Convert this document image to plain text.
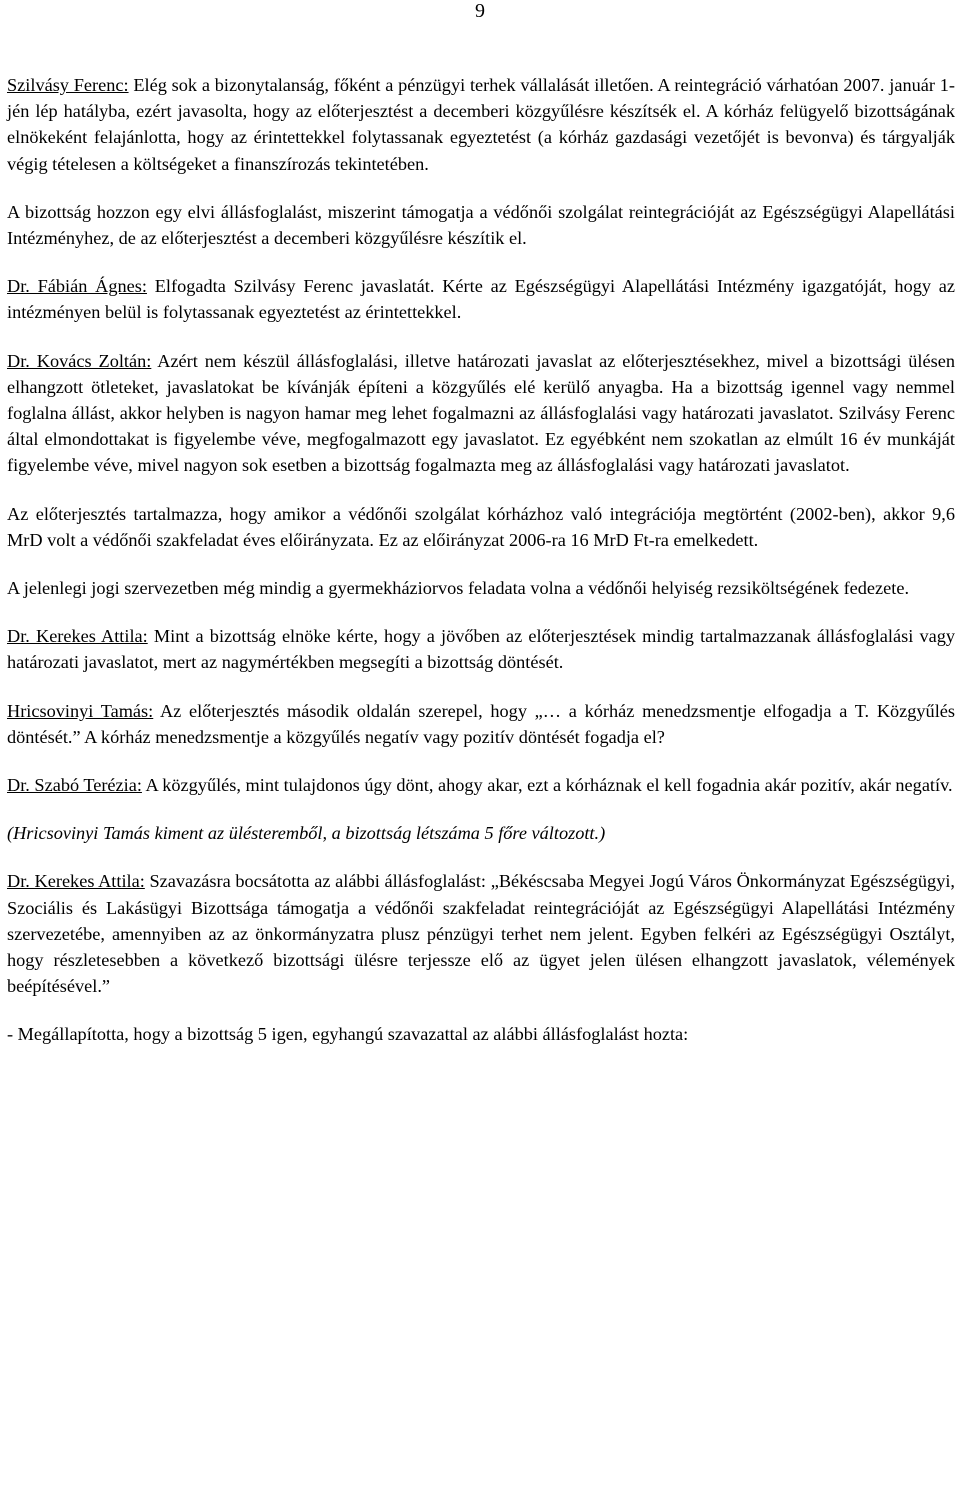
9

Szilvásy Ferenc: Elég sok a bizonytalanság, főként a pénzügyi terhek vállalását illetően. A reintegráció várhatóan 2007. január 1-jén lép hatályba, ezért javasolta, hogy az előterjesztést a decemberi közgyűlésre készítsék el. A kórház felügyelő bizottságának elnökeként felajánlotta, hogy az érintettekkel folytassanak egyeztetést (a kórház gazdasági vezetőjét is bevonva) és tárgyalják végig tételesen a költségeket a finanszírozás tekintetében.

A bizottság hozzon egy elvi állásfoglalást, miszerint támogatja a védőnői szolgálat reintegrációját az Egészségügyi Alapellátási Intézményhez, de az előterjesztést a decemberi közgyűlésre készítik el.

Dr. Fábián Ágnes: Elfogadta Szilvásy Ferenc javaslatát. Kérte az Egészségügyi Alapellátási Intézmény igazgatóját, hogy az intézményen belül is folytassanak egyeztetést az érintettekkel.

Dr. Kovács Zoltán: Azért nem készül állásfoglalási, illetve határozati javaslat az előterjesztésekhez, mivel a bizottsági ülésen elhangzott ötleteket, javaslatokat be kívánják építeni a közgyűlés elé kerülő anyagba. Ha a bizottság igennel vagy nemmel foglalna állást, akkor helyben is nagyon hamar meg lehet fogalmazni az állásfoglalási vagy határozati javaslatot. Szilvásy Ferenc által elmondottakat is figyelembe véve, megfogalmazott egy javaslatot. Ez egyébként nem szokatlan az elmúlt 16 év munkáját figyelembe véve, mivel nagyon sok esetben a bizottság fogalmazta meg az állásfoglalási vagy határozati javaslatot.

Az előterjesztés tartalmazza, hogy amikor a védőnői szolgálat kórházhoz való integrációja megtörtént (2002-ben), akkor 9,6 MrD volt a védőnői szakfeladat éves előirányzata. Ez az előirányzat 2006-ra 16 MrD Ft-ra emelkedett.

A jelenlegi jogi szervezetben még mindig a gyermekháziorvos feladata volna a védőnői helyiség rezsiköltségének fedezete.

Dr. Kerekes Attila: Mint a bizottság elnöke kérte, hogy a jövőben az előterjesztések mindig tartalmazzanak állásfoglalási vagy határozati javaslatot, mert az nagymértékben megsegíti a bizottság döntését.

Hricsovinyi Tamás: Az előterjesztés második oldalán szerepel, hogy „… a kórház menedzsmentje elfogadja a T. Közgyűlés döntését.” A kórház menedzsmentje a közgyűlés negatív vagy pozitív döntését fogadja el?

Dr. Szabó Terézia: A közgyűlés, mint tulajdonos úgy dönt, ahogy akar, ezt a kórháznak el kell fogadnia akár pozitív, akár negatív.

(Hricsovinyi Tamás kiment az ülésteremből, a bizottság létszáma 5 főre változott.)

Dr. Kerekes Attila: Szavazásra bocsátotta az alábbi állásfoglalást: „Békéscsaba Megyei Jogú Város Önkormányzat Egészségügyi, Szociális és Lakásügyi Bizottsága támogatja a védőnői szakfeladat reintegrációját az Egészségügyi Alapellátási Intézmény szervezetébe, amennyiben az az önkormányzatra plusz pénzügyi terhet nem jelent. Egyben felkéri az Egészségügyi Osztályt, hogy részletesebben a következő bizottsági ülésre terjessze elő az ügyet jelen ülésen elhangzott javaslatok, vélemények beépítésével.”

- Megállapította, hogy a bizottság 5 igen, egyhangú szavazattal az alábbi állásfoglalást hozta:
